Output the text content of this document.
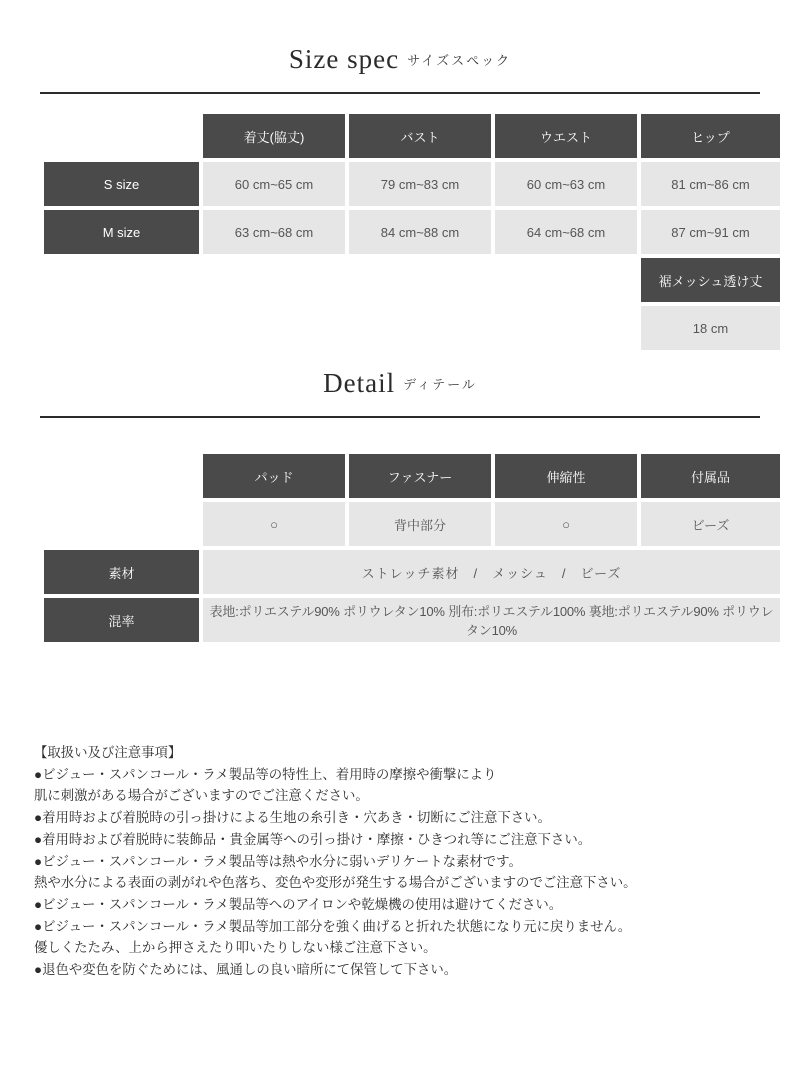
Size spec サイズスペック
	着丈(脇丈)	バスト	ウエスト	ヒップ
S size	60 cm~65 cm	79 cm~83 cm	60 cm~63 cm	81 cm~86 cm
M size	63 cm~68 cm	84 cm~88 cm	64 cm~68 cm	87 cm~91 cm
				裾メッシュ透け丈
				18 cm
Detail ディテール
	パッド	ファスナー	伸縮性	付属品
	○	背中部分	○	ビーズ
素材	ストレッチ素材　/　メッシュ　/　ビーズ			
混率	表地:ポリエステル90% ポリウレタン10% 別布:ポリエステル100% 裏地:ポリエステル90% ポリウレタン10%			
【取扱い及び注意事項】
●ビジュー・スパンコール・ラメ製品等の特性上、着用時の摩擦や衝撃により
肌に刺激がある場合がございますのでご注意ください。
●着用時および着脱時の引っ掛けによる生地の糸引き・穴あき・切断にご注意下さい。
●着用時および着脱時に装飾品・貴金属等への引っ掛け・摩擦・ひきつれ等にご注意下さい。
●ビジュー・スパンコール・ラメ製品等は熱や水分に弱いデリケートな素材です。
熱や水分による表面の剥がれや色落ち、変色や変形が発生する場合がございますのでご注意下さい。
●ビジュー・スパンコール・ラメ製品等へのアイロンや乾燥機の使用は避けてください。
●ビジュー・スパンコール・ラメ製品等加工部分を強く曲げると折れた状態になり元に戻りません。
優しくたたみ、上から押さえたり叩いたりしない様ご注意下さい。
●退色や変色を防ぐためには、風通しの良い暗所にて保管して下さい。
